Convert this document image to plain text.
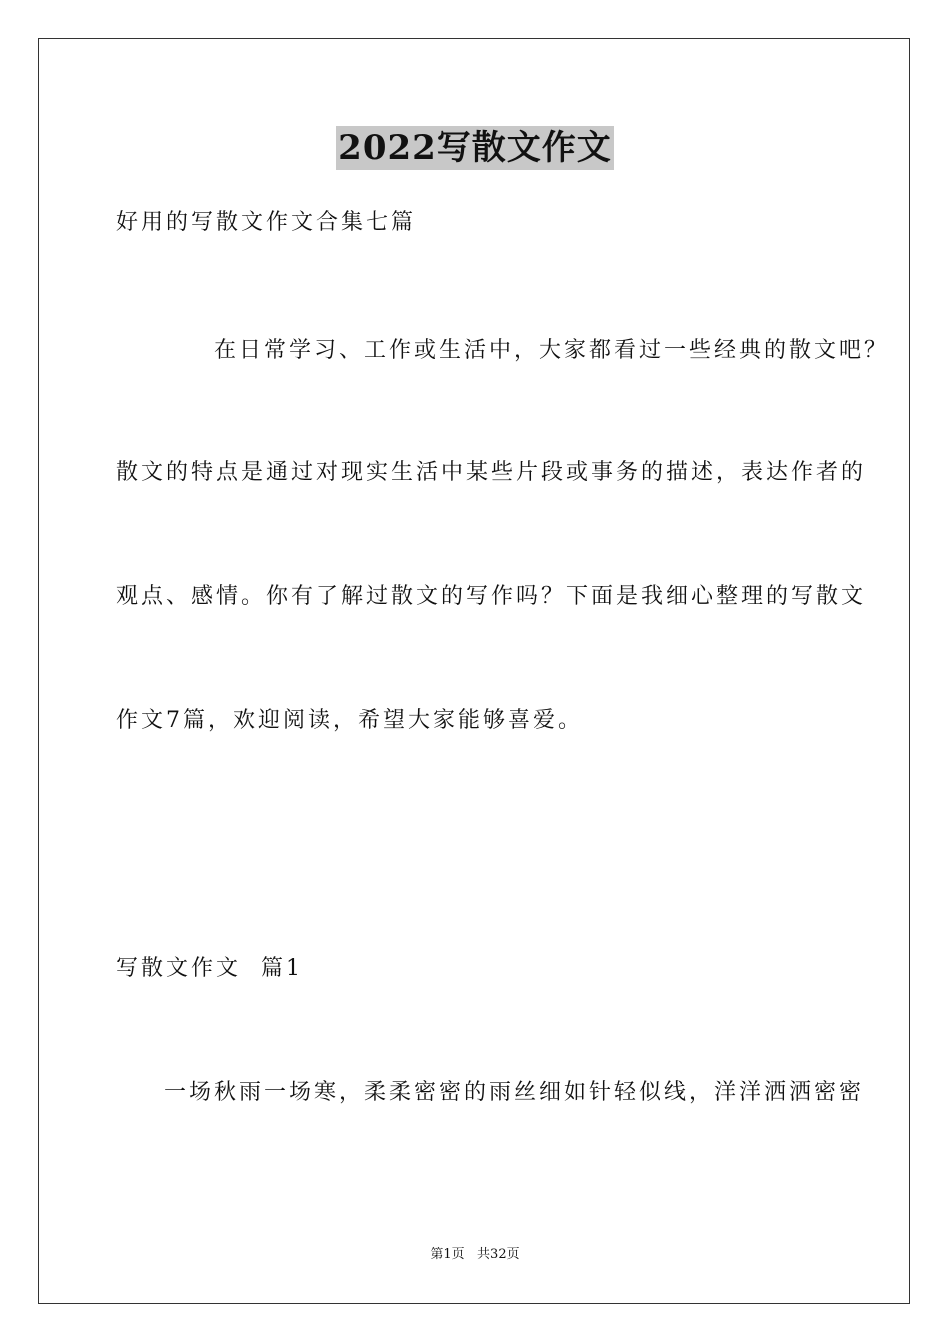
2022写散文作文
好用的写散文作文合集七篇
在日常学习、工作或生活中，大家都看过一些经典的散文吧？
散文的特点是通过对现实生活中某些片段或事务的描述，表达作者的
观点、感情。你有了解过散文的写作吗？下面是我细心整理的写散文
作文7篇，欢迎阅读，希望大家能够喜爱。
写散文作文  篇1
一场秋雨一场寒，柔柔密密的雨丝细如针轻似线，洋洋洒洒密密
第1页   共32页
